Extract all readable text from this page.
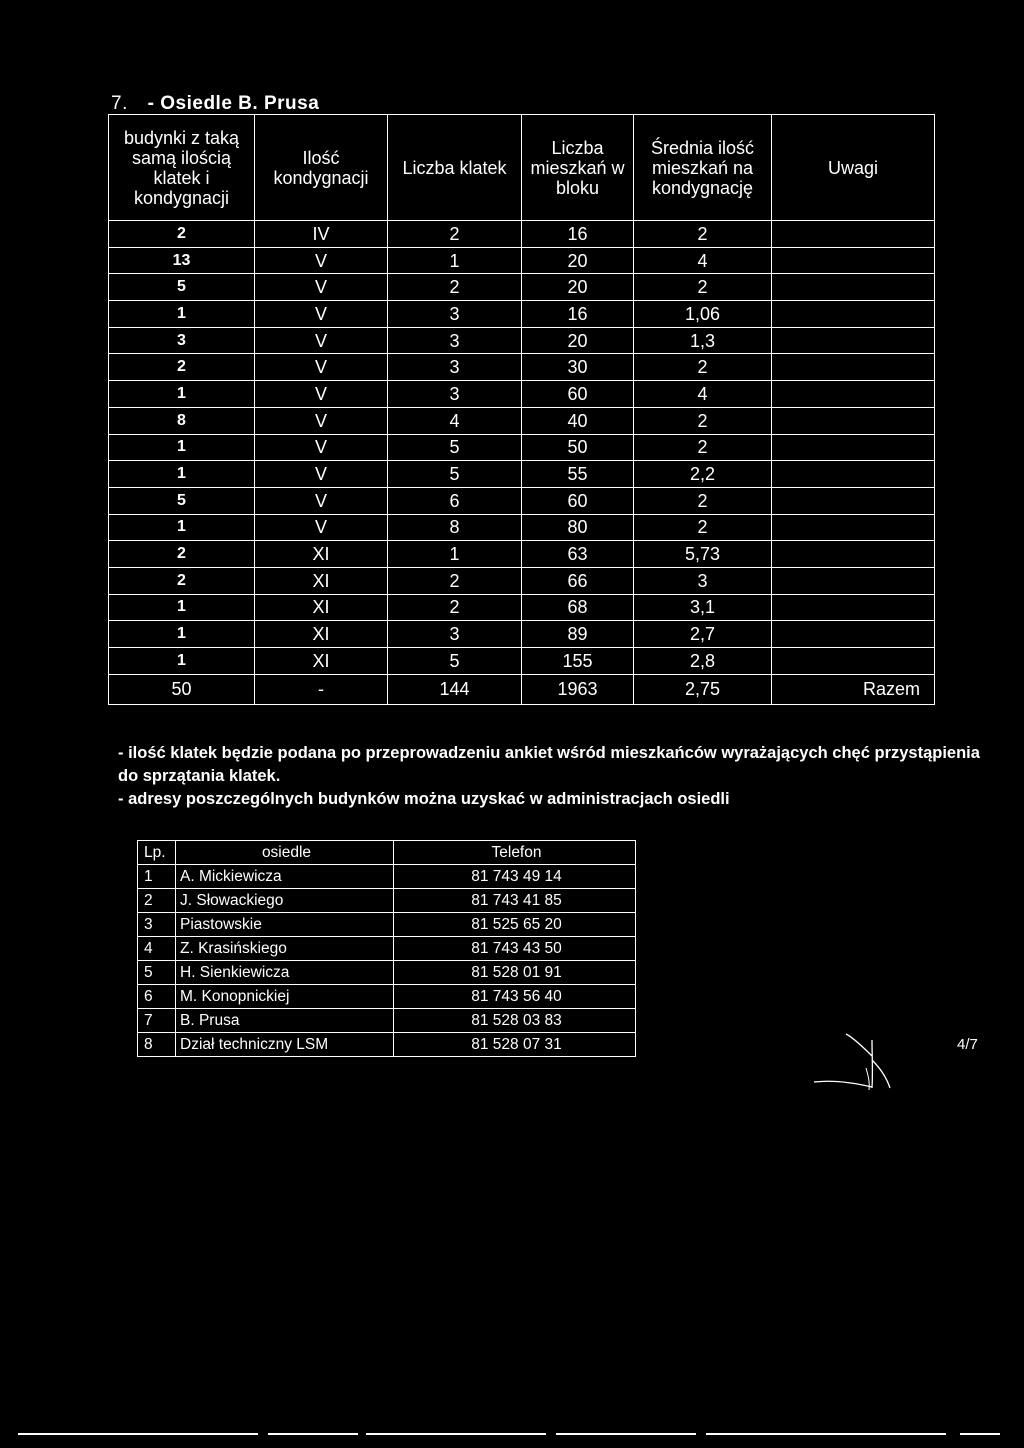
7. - Osiedle B. Prusa
budynki z taką samą ilością klatek i kondygnacji	Ilość kondygnacji	Liczba klatek	Liczba mieszkań w bloku	Średnia ilość mieszkań na kondygnację	Uwagi
2	IV	2	16	2	
13	V	1	20	4	
5	V	2	20	2	
1	V	3	16	1,06	
3	V	3	20	1,3	
2	V	3	30	2	
1	V	3	60	4	
8	V	4	40	2	
1	V	5	50	2	
1	V	5	55	2,2	
5	V	6	60	2	
1	V	8	80	2	
2	XI	1	63	5,73	
2	XI	2	66	3	
1	XI	2	68	3,1	
1	XI	3	89	2,7	
1	XI	5	155	2,8	
50	-	144	1963	2,75	Razem

- ilość klatek będzie podana po przeprowadzeniu ankiet wśród mieszkańców wyrażających chęć przystąpienia do sprzątania klatek.

- adresy poszczególnych budynków można uzyskać w administracjach osiedli

Lp.	osiedle	Telefon
1	A. Mickiewicza	81 743 49 14
2	J. Słowackiego	81 743 41 85
3	Piastowskie	81 525 65 20
4	Z. Krasińskiego	81 743 43 50
5	H. Sienkiewicza	81 528 01 91
6	M. Konopnickiej	81 743 56 40
7	B. Prusa	81 528 03 83
8	Dział techniczny LSM	81 528 07 31	4/7
